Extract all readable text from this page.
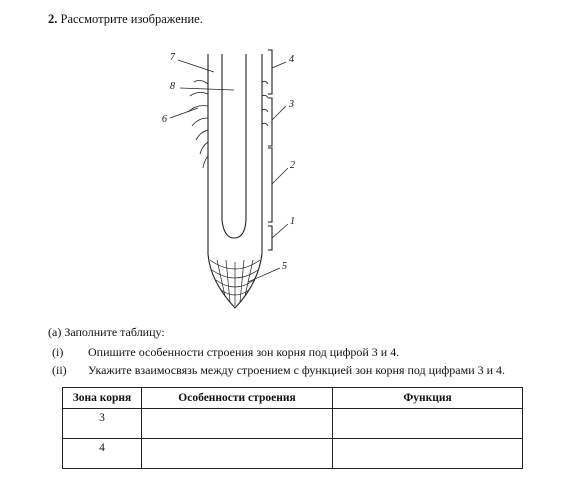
2. Рассмотрите изображение.
4
3
2
1
5
7
8
6
(а) Заполните таблицу:
(i)	Опишите особенности строения зон корня под цифрой 3 и 4.
(ii)	Укажите взаимосвязь между строением с функцией зон корня под цифрами 3 и 4.
Зона корня	Особенности строения	Функция
3		
4		
